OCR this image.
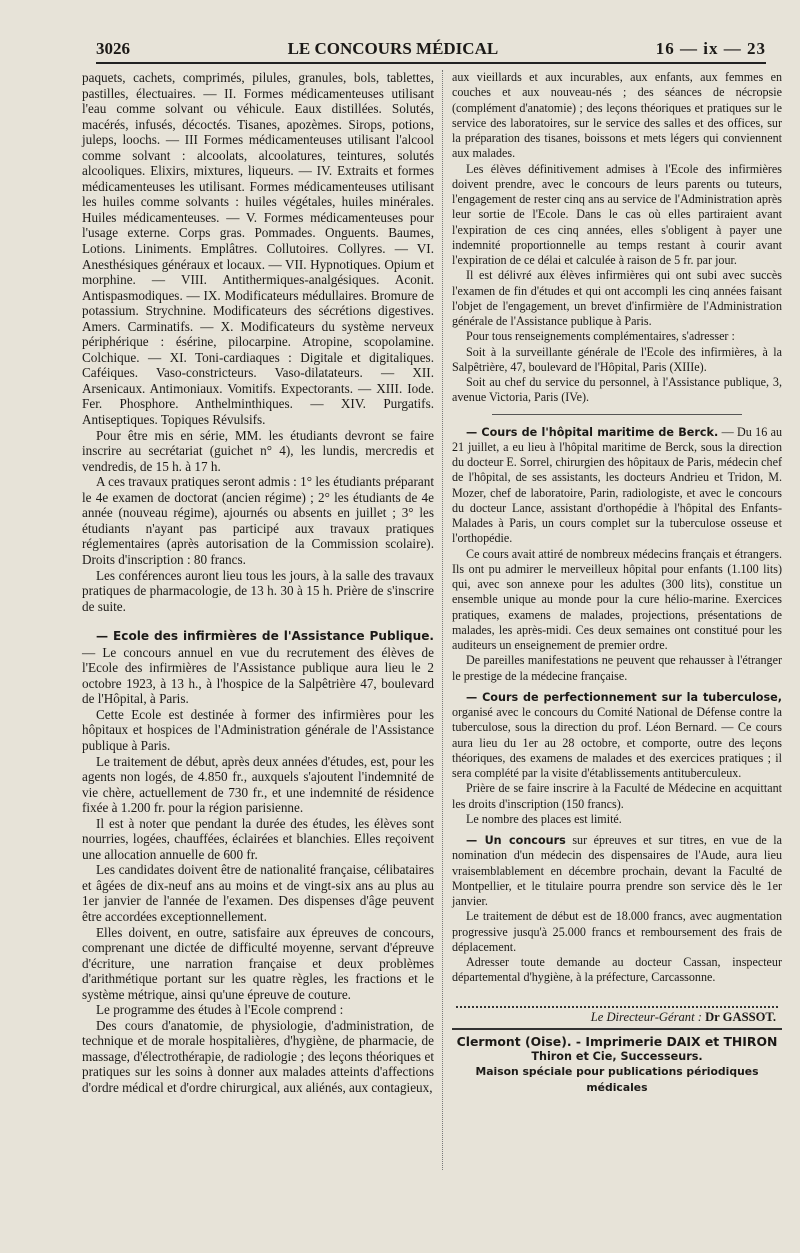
3026	LE CONCOURS MÉDICAL	16 — ix — 23

paquets, cachets, comprimés, pilules, granules, bols, tablettes, pastilles, électuaires. — II. Formes médicamenteuses utilisant l'eau comme solvant ou véhicule. Eaux distillées. Solutés, macérés, infusés, décoctés. Tisanes, apozèmes. Sirops, potions, juleps, loochs. — III Formes médicamenteuses utilisant l'alcool comme solvant : alcoolats, alcoolatures, teintures, solutés alcooliques. Elixirs, mixtures, liqueurs. — IV. Extraits et formes médicamenteuses les utilisant. Formes médicamenteuses utilisant les huiles comme solvants : huiles végétales, huiles minérales. Huiles médicamenteuses. — V. Formes médicamenteuses pour l'usage externe. Corps gras. Pommades. Onguents. Baumes, Lotions. Liniments. Emplâtres. Collutoires. Collyres. — VI. Anesthésiques généraux et locaux. — VII. Hypnotiques. Opium et morphine. — VIII. Antithermiques-analgésiques. Aconit. Antispasmodiques. — IX. Modificateurs médullaires. Bromure de potassium. Strychnine. Modificateurs des sécrétions digestives. Amers. Carminatifs. — X. Modificateurs du système nerveux périphérique : ésérine, pilocarpine. Atropine, scopolamine. Colchique. — XI. Toni-cardiaques : Digitale et digitaliques. Caféiques. Vaso-constricteurs. Vaso-dilatateurs. — XII. Arsenicaux. Antimoniaux. Vomitifs. Expectorants. — XIII. Iode. Fer. Phosphore. Anthelminthiques. — XIV. Purgatifs. Antiseptiques. Topiques Révulsifs.

Pour être mis en série, MM. les étudiants devront se faire inscrire au secrétariat (guichet n° 4), les lundis, mercredis et vendredis, de 15 h. à 17 h.

A ces travaux pratiques seront admis : 1° les étudiants préparant le 4e examen de doctorat (ancien régime) ; 2° les étudiants de 4e année (nouveau régime), ajournés ou absents en juillet ; 3° les étudiants n'ayant pas participé aux travaux pratiques réglementaires (après autorisation de la Commission scolaire). Droits d'inscription : 80 francs.

Les conférences auront lieu tous les jours, à la salle des travaux pratiques de pharmacologie, de 13 h. 30 à 15 h. Prière de s'inscrire de suite.

— Ecole des infirmières de l'Assistance Publique. — Le concours annuel en vue du recrutement des élèves de l'Ecole des infirmières de l'Assistance publique aura lieu le 2 octobre 1923, à 13 h., à l'hospice de la Salpêtrière 47, boulevard de l'Hôpital, à Paris.

Cette Ecole est destinée à former des infirmières pour les hôpitaux et hospices de l'Administration générale de l'Assistance publique à Paris.

Le traitement de début, après deux années d'études, est, pour les agents non logés, de 4.850 fr., auxquels s'ajoutent l'indemnité de vie chère, actuellement de 730 fr., et une indemnité de résidence fixée à 1.200 fr. pour la région parisienne.

Il est à noter que pendant la durée des études, les élèves sont nourries, logées, chauffées, éclairées et blanchies. Elles reçoivent une allocation annuelle de 600 fr.

Les candidates doivent être de nationalité française, célibataires et âgées de dix-neuf ans au moins et de vingt-six ans au plus au 1er janvier de l'année de l'examen. Des dispenses d'âge peuvent être accordées exceptionnellement.

Elles doivent, en outre, satisfaire aux épreuves de concours, comprenant une dictée de difficulté moyenne, servant d'épreuve d'écriture, une narration française et deux problèmes d'arithmétique portant sur les quatre règles, les fractions et le système métrique, ainsi qu'une épreuve de couture.

Le programme des études à l'Ecole comprend :

Des cours d'anatomie, de physiologie, d'administration, de technique et de morale hospitalières, d'hygiène, de pharmacie, de massage, d'électrothérapie, de radiologie ; des leçons théoriques et pratiques sur les soins à donner aux malades atteints d'affections d'ordre médical et d'ordre chirurgical, aux aliénés, aux contagieux,

aux vieillards et aux incurables, aux enfants, aux femmes en couches et aux nouveau-nés ; des séances de nécropsie (complément d'anatomie) ; des leçons théoriques et pratiques sur le service des laboratoires, sur le service des salles et des offices, sur la préparation des tisanes, boissons et mets légers qui conviennent aux malades.

Les élèves définitivement admises à l'Ecole des infirmières doivent prendre, avec le concours de leurs parents ou tuteurs, l'engagement de rester cinq ans au service de l'Administration après leur sortie de l'Ecole. Dans le cas où elles partiraient avant l'expiration de ces cinq années, elles s'obligent à payer une indemnité proportionnelle au temps restant à courir avant l'expiration de ce délai et calculée à raison de 5 fr. par jour.

Il est délivré aux élèves infirmières qui ont subi avec succès l'examen de fin d'études et qui ont accompli les cinq années faisant l'objet de l'engagement, un brevet d'infirmière de l'Administration générale de l'Assistance publique à Paris.

Pour tous renseignements complémentaires, s'adresser :

Soit à la surveillante générale de l'Ecole des infirmières, à la Salpêtrière, 47, boulevard de l'Hôpital, Paris (XIIIe).

Soit au chef du service du personnel, à l'Assistance publique, 3, avenue Victoria, Paris (IVe).

— Cours de l'hôpital maritime de Berck. — Du 16 au 21 juillet, a eu lieu à l'hôpital maritime de Berck, sous la direction du docteur E. Sorrel, chirurgien des hôpitaux de Paris, médecin chef de l'hôpital, de ses assistants, les docteurs Andrieu et Tridon, M. Mozer, chef de laboratoire, Parin, radiologiste, et avec le concours du docteur Lance, assistant d'orthopédie à l'hôpital des Enfants-Malades à Paris, un cours complet sur la tuberculose osseuse et l'orthopédie.

Ce cours avait attiré de nombreux médecins français et étrangers. Ils ont pu admirer le merveilleux hôpital pour enfants (1.100 lits) qui, avec son annexe pour les adultes (300 lits), constitue un ensemble unique au monde pour la cure hélio-marine. Exercices pratiques, examens de malades, projections, présentations de malades, les après-midi. Ces deux semaines ont constitué pour les auditeurs un enseignement de premier ordre.

De pareilles manifestations ne peuvent que rehausser à l'étranger le prestige de la médecine française.

— Cours de perfectionnement sur la tuberculose, organisé avec le concours du Comité National de Défense contre la tuberculose, sous la direction du prof. Léon Bernard. — Ce cours aura lieu du 1er au 28 octobre, et comporte, outre des leçons théoriques, des examens de malades et des exercices pratiques ; il sera complété par la visite d'établissements antituberculeux.

Prière de se faire inscrire à la Faculté de Médecine en acquittant les droits d'inscription (150 francs).

Le nombre des places est limité.

— Un concours sur épreuves et sur titres, en vue de la nomination d'un médecin des dispensaires de l'Aude, aura lieu vraisemblablement en décembre prochain, devant la Faculté de Montpellier, et le titulaire pourra prendre son service dès le 1er janvier.

Le traitement de début est de 18.000 francs, avec augmentation progressive jusqu'à 25.000 francs et remboursement des frais de déplacement.

Adresser toute demande au docteur Cassan, inspecteur départemental d'hygiène, à la préfecture, Carcassonne.

Le Directeur-Gérant : Dr GASSOT.
Clermont (Oise). - Imprimerie DAIX et THIRON
Thiron et Cie, Successeurs.
Maison spéciale pour publications périodiques médicales
